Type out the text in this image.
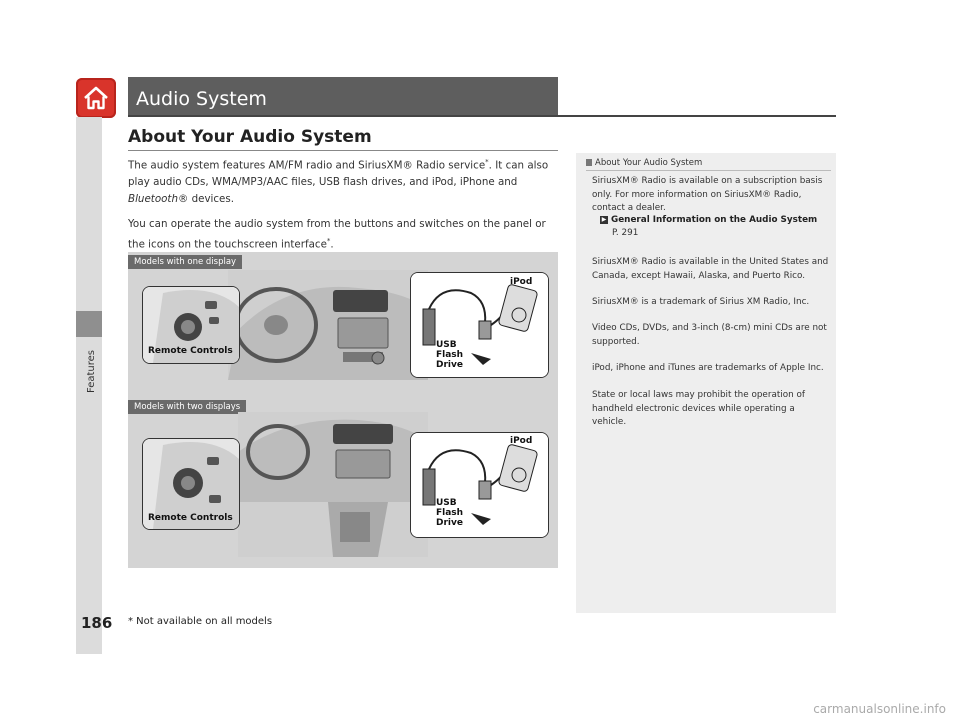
Audio System
Features
186
About Your Audio System
The audio system features AM/FM radio and SiriusXM® Radio service*. It can also play audio CDs, WMA/MP3/AAC files, USB flash drives, and iPod, iPhone and Bluetooth® devices.
You can operate the audio system from the buttons and switches on the panel or the icons on the touchscreen interface*.
Models with one display
Models with two displays
Remote Controls
iPod
USB
Flash
Drive
Remote Controls
iPod
USB
Flash
Drive
About Your Audio System

SiriusXM® Radio is available on a subscription basis only. For more information on SiriusXM® Radio, contact a dealer.

▶ General Information on the Audio System
P. 291

SiriusXM® Radio is available in the United States and Canada, except Hawaii, Alaska, and Puerto Rico.

SiriusXM® is a trademark of Sirius XM Radio, Inc.

Video CDs, DVDs, and 3-inch (8-cm) mini CDs are not supported.

iPod, iPhone and iTunes are trademarks of Apple Inc.

State or local laws may prohibit the operation of handheld electronic devices while operating a vehicle.

* Not available on all models
carmanualsonline.info
